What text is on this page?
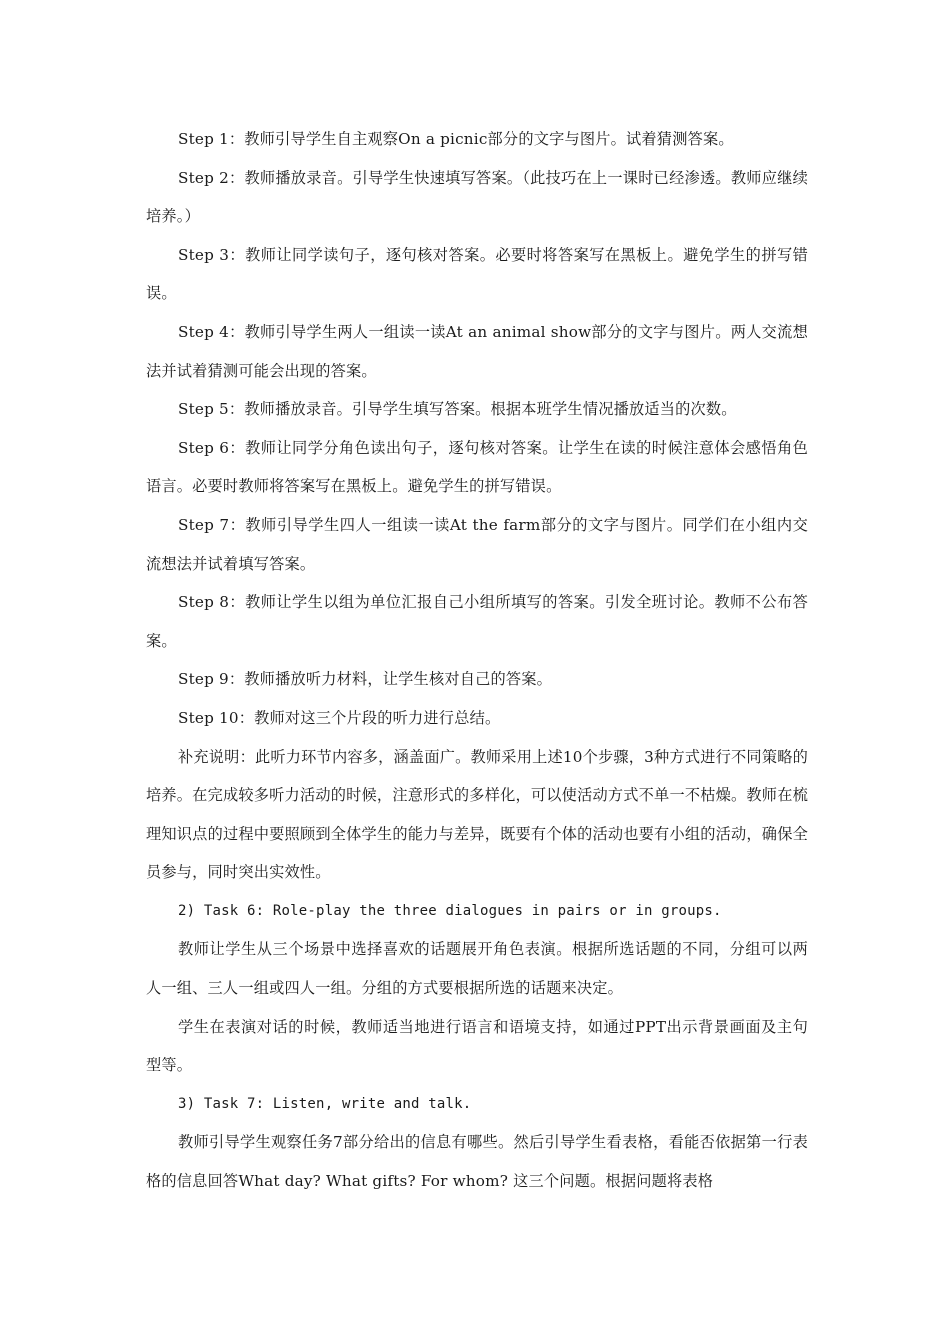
Step 1：教师引导学生自主观察On a picnic部分的文字与图片。试着猜测答案。

Step 2：教师播放录音。引导学生快速填写答案。（此技巧在上一课时已经渗透。教师应继续培养。）

Step 3：教师让同学读句子，逐句核对答案。必要时将答案写在黑板上。避免学生的拼写错误。

Step 4：教师引导学生两人一组读一读At an animal show部分的文字与图片。两人交流想法并试着猜测可能会出现的答案。

Step 5：教师播放录音。引导学生填写答案。根据本班学生情况播放适当的次数。

Step 6：教师让同学分角色读出句子，逐句核对答案。让学生在读的时候注意体会感悟角色语言。必要时教师将答案写在黑板上。避免学生的拼写错误。

Step 7：教师引导学生四人一组读一读At the farm部分的文字与图片。同学们在小组内交流想法并试着填写答案。

Step 8：教师让学生以组为单位汇报自己小组所填写的答案。引发全班讨论。教师不公布答案。

Step 9：教师播放听力材料，让学生核对自己的答案。

Step 10：教师对这三个片段的听力进行总结。

补充说明：此听力环节内容多，涵盖面广。教师采用上述10个步骤，3种方式进行不同策略的培养。在完成较多听力活动的时候，注意形式的多样化，可以使活动方式不单一不枯燥。教师在梳理知识点的过程中要照顾到全体学生的能力与差异，既要有个体的活动也要有小组的活动，确保全员参与，同时突出实效性。

2) Task 6: Role-play the three dialogues in pairs or in groups.

教师让学生从三个场景中选择喜欢的话题展开角色表演。根据所选话题的不同，分组可以两人一组、三人一组或四人一组。分组的方式要根据所选的话题来决定。

学生在表演对话的时候，教师适当地进行语言和语境支持，如通过PPT出示背景画面及主句型等。

3) Task 7: Listen, write and talk.

教师引导学生观察任务7部分给出的信息有哪些。然后引导学生看表格，看能否依据第一行表格的信息回答What day? What gifts? For whom? 这三个问题。根据问题将表格
